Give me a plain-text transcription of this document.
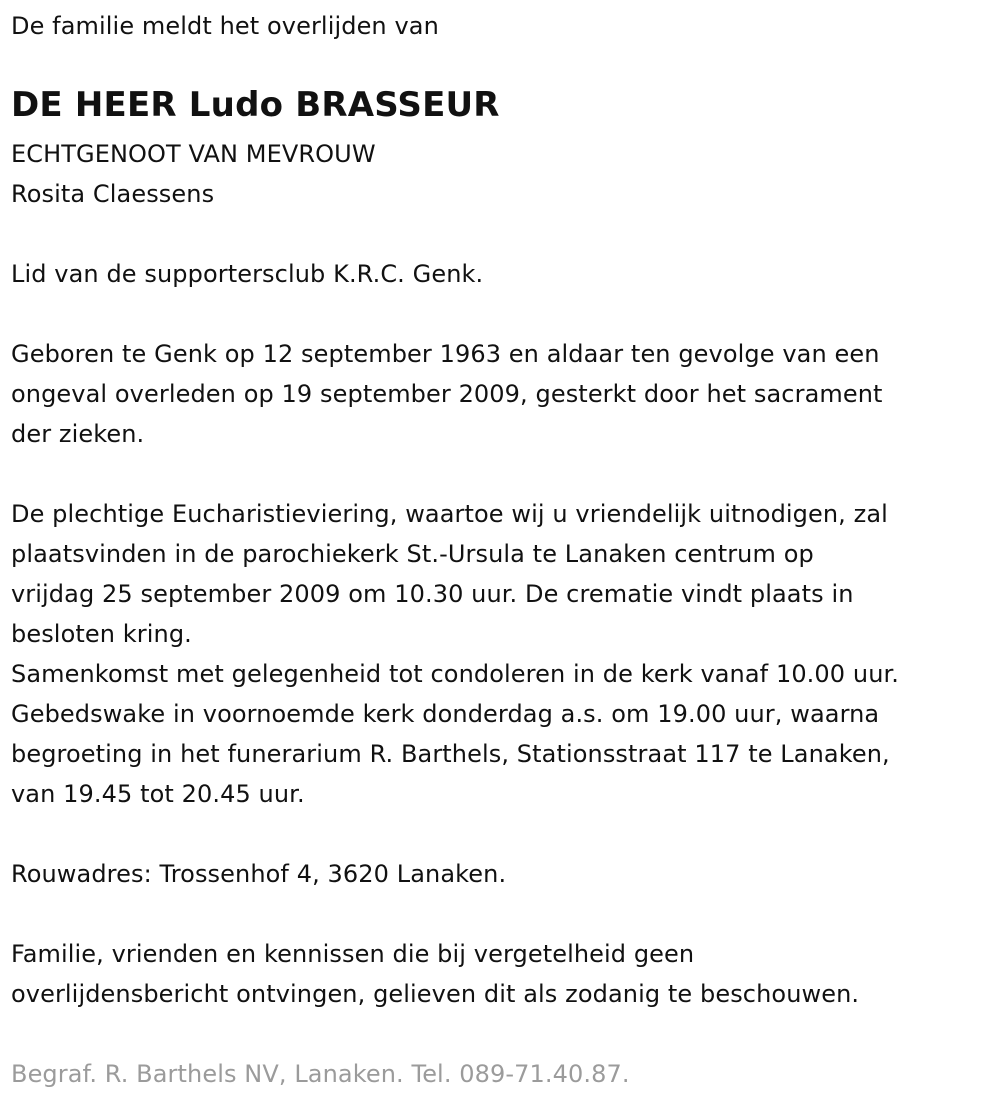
De familie meldt het overlijden van
DE HEER Ludo BRASSEUR
ECHTGENOOT VAN MEVROUW
Rosita Claessens
Lid van de supportersclub K.R.C. Genk.
Geboren te Genk op 12 september 1963 en aldaar ten gevolge van een
ongeval overleden op 19 september 2009, gesterkt door het sacrament
der zieken.
De plechtige Eucharistieviering, waartoe wij u vriendelijk uitnodigen, zal
plaatsvinden in de parochiekerk St.-Ursula te Lanaken centrum op
vrijdag 25 september 2009 om 10.30 uur. De crematie vindt plaats in
besloten kring.
Samenkomst met gelegenheid tot condoleren in de kerk vanaf 10.00 uur.
Gebedswake in voornoemde kerk donderdag a.s. om 19.00 uur, waarna
begroeting in het funerarium R. Barthels, Stationsstraat 117 te Lanaken,
van 19.45 tot 20.45 uur.
Rouwadres: Trossenhof 4, 3620 Lanaken.
Familie, vrienden en kennissen die bij vergetelheid geen
overlijdensbericht ontvingen, gelieven dit als zodanig te beschouwen.
Begraf. R. Barthels NV, Lanaken. Tel. 089-71.40.87.
